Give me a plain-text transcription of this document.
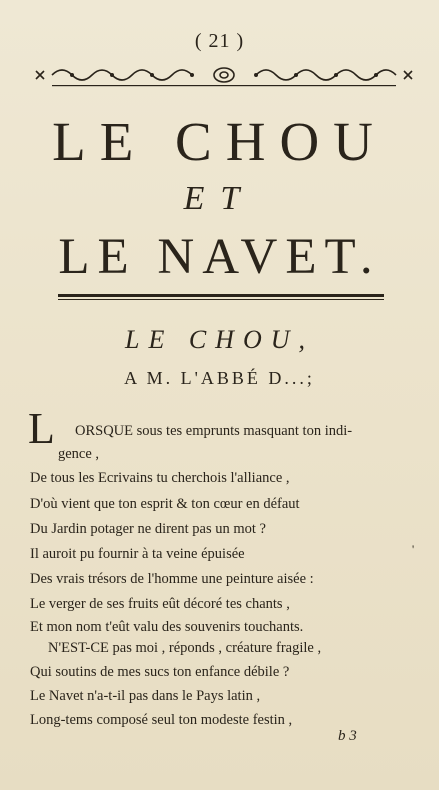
( 21 )
LE CHOU
ET
LE NAVET.
LE CHOU,
A M. L'ABBÉ D...;
L ORSQUE sous tes emprunts masquant ton indi-
gence ,
De tous les Ecrivains tu cherchois l'alliance ,
D'où vient que ton esprit & ton cœur en défaut
Du Jardin potager ne dirent pas un mot ?
Il auroit pu fournir à ta veine épuisée
Des vrais trésors de l'homme une peinture aisée :
Le verger de ses fruits eût décoré tes chants ,
Et mon nom t'eût valu des souvenirs touchants.
N'EST-CE pas moi , réponds , créature fragile ,
Qui soutins de mes sucs ton enfance débile ?
Le Navet n'a-t-il pas dans le Pays latin ,
Long-tems composé seul ton modeste festin ,
'
b 3
